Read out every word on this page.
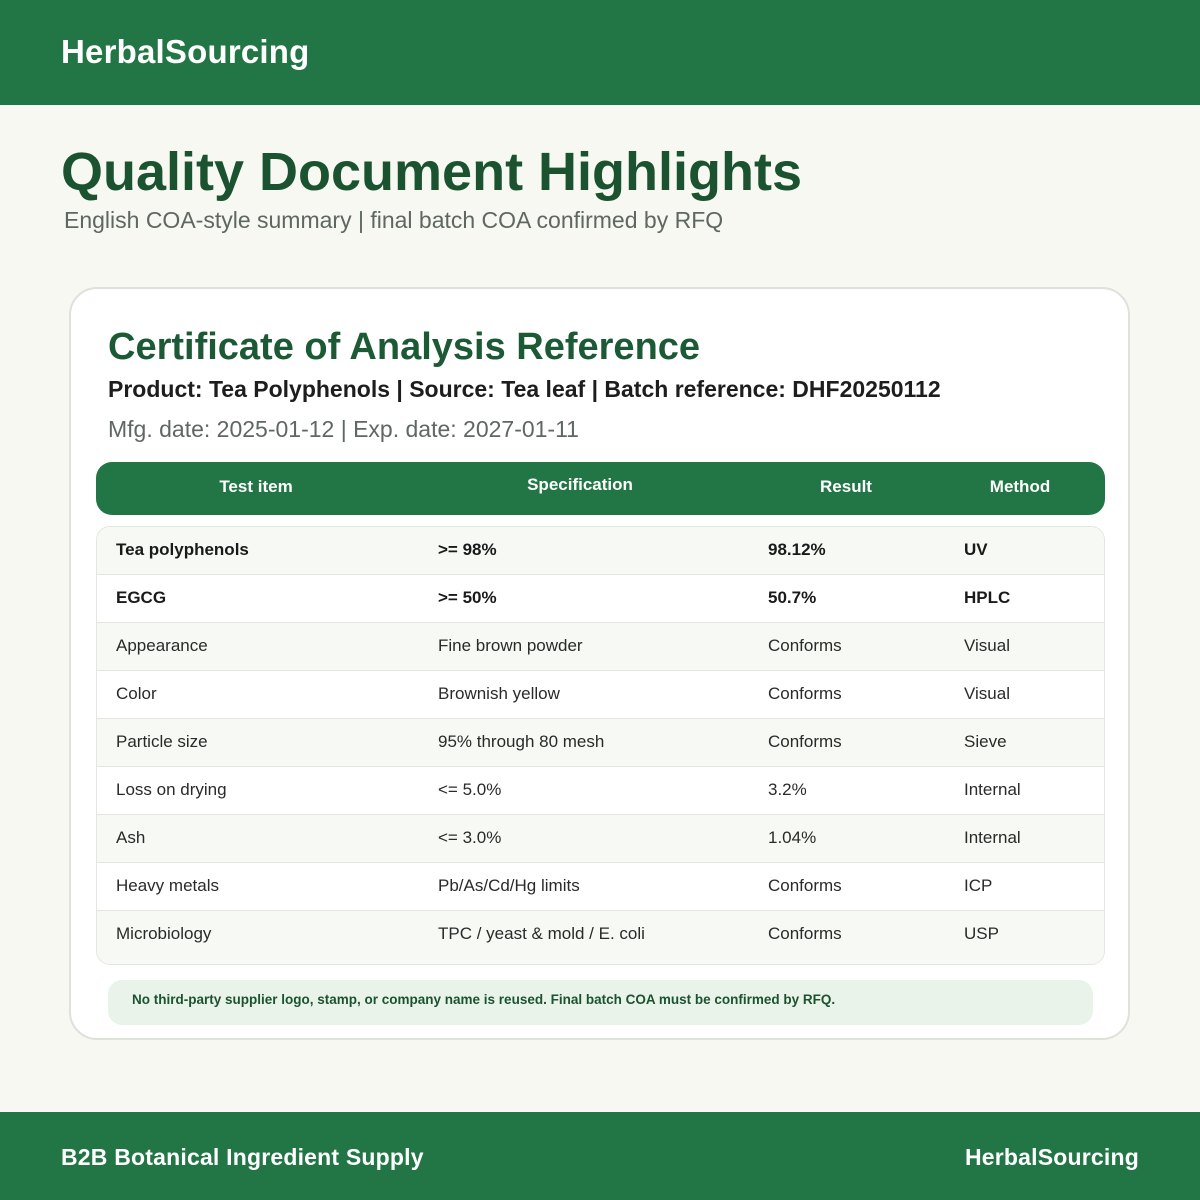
HerbalSourcing
Quality Document Highlights
English COA-style summary | final batch COA confirmed by RFQ
Certificate of Analysis Reference
Product: Tea Polyphenols | Source: Tea leaf | Batch reference: DHF20250112
Mfg. date: 2025-01-12 | Exp. date: 2027-01-11
Test item	Specification	Result	Method
Tea polyphenols	>= 98%	98.12%	UV
EGCG	>= 50%	50.7%	HPLC
Appearance	Fine brown powder	Conforms	Visual
Color	Brownish yellow	Conforms	Visual
Particle size	95% through 80 mesh	Conforms	Sieve
Loss on drying	<= 5.0%	3.2%	Internal
Ash	<= 3.0%	1.04%	Internal
Heavy metals	Pb/As/Cd/Hg limits	Conforms	ICP
Microbiology	TPC / yeast & mold / E. coli	Conforms	USP
No third-party supplier logo, stamp, or company name is reused. Final batch COA must be confirmed by RFQ.
B2B Botanical Ingredient Supply	HerbalSourcing
